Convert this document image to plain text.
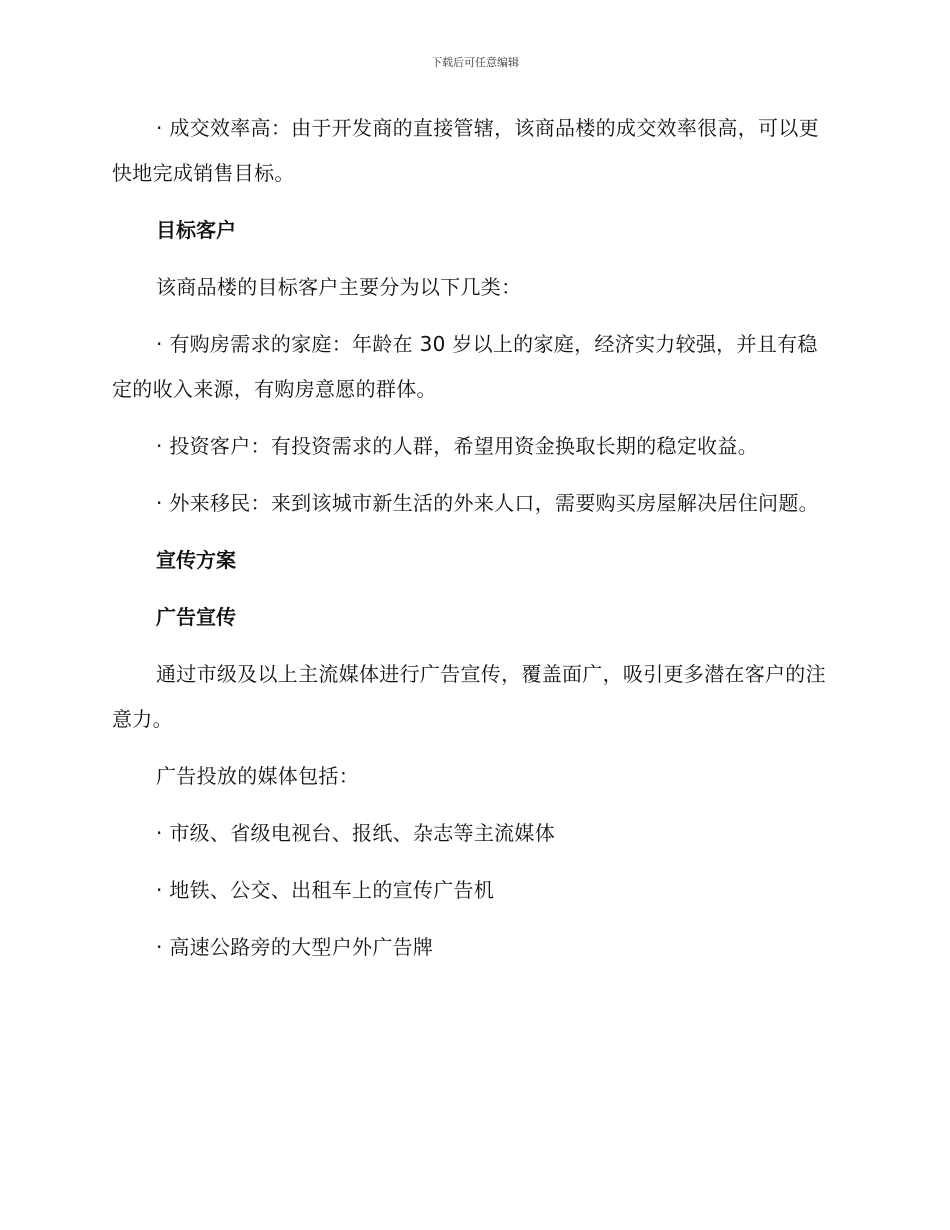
下载后可任意编辑

· 成交效率高：由于开发商的直接管辖，该商品楼的成交效率很高，可以更快地完成销售目标。

目标客户

该商品楼的目标客户主要分为以下几类：

· 有购房需求的家庭：年龄在 30 岁以上的家庭，经济实力较强，并且有稳定的收入来源，有购房意愿的群体。

· 投资客户：有投资需求的人群，希望用资金换取长期的稳定收益。

· 外来移民：来到该城市新生活的外来人口，需要购买房屋解决居住问题。

宣传方案

广告宣传

通过市级及以上主流媒体进行广告宣传，覆盖面广，吸引更多潜在客户的注意力。

广告投放的媒体包括：

· 市级、省级电视台、报纸、杂志等主流媒体

· 地铁、公交、出租车上的宣传广告机

· 高速公路旁的大型户外广告牌
